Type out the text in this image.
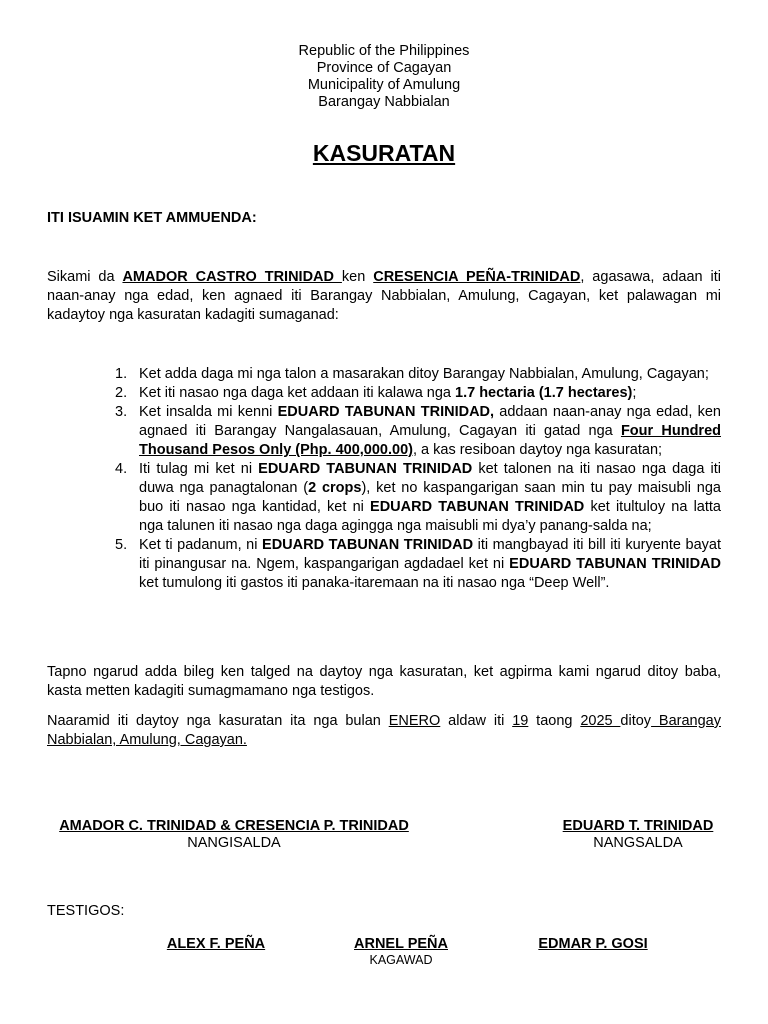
Republic of the Philippines
Province of Cagayan
Municipality of Amulung
Barangay Nabbialan
KASURATAN
ITI ISUAMIN KET AMMUENDA:
Sikami da AMADOR CASTRO TRINIDAD ken CRESENCIA PEÑA-TRINIDAD, agasawa, adaan iti naan-anay nga edad, ken agnaed iti Barangay Nabbialan, Amulung, Cagayan, ket palawagan mi kadaytoy nga kasuratan kadagiti sumaganad:
1. Ket adda daga mi nga talon a masarakan ditoy Barangay Nabbialan, Amulung, Cagayan;
2. Ket iti nasao nga daga ket addaan iti kalawa nga 1.7 hectaria (1.7 hectares);
3. Ket insalda mi kenni EDUARD TABUNAN TRINIDAD, addaan naan-anay nga edad, ken agnaed iti Barangay Nangalasauan, Amulung, Cagayan iti gatad nga Four Hundred Thousand Pesos Only (Php. 400,000.00), a kas resiboan daytoy nga kasuratan;
4. Iti tulag mi ket ni EDUARD TABUNAN TRINIDAD ket talonen na iti nasao nga daga iti duwa nga panagtalonan (2 crops), ket no kaspangarigan saan min tu pay maisubli nga buo iti nasao nga kantidad, ket ni EDUARD TABUNAN TRINIDAD ket itultuloy na latta nga talunen iti nasao nga daga agingga nga maisubli mi dya’y panang-salda na;
5. Ket ti padanum, ni EDUARD TABUNAN TRINIDAD iti mangbayad iti bill iti kuryente bayat iti pinangusar na. Ngem, kaspangarigan agdadael ket ni EDUARD TABUNAN TRINIDAD ket tumulong iti gastos iti panaka-itaremaan na iti nasao nga “Deep Well”.
Tapno ngarud adda bileg ken talged na daytoy nga kasuratan, ket agpirma kami ngarud ditoy baba, kasta metten kadagiti sumagmamano nga testigos.
Naaramid iti daytoy nga kasuratan ita nga bulan ENERO aldaw iti 19 taong 2025 ditoy Barangay Nabbialan, Amulung, Cagayan.
AMADOR C. TRINIDAD & CRESENCIA P. TRINIDAD
NANGISALDA
EDUARD T. TRINIDAD
NANGSALDA
TESTIGOS:
ALEX F. PEÑA	ARNEL PEÑA
KAGAWAD
EDMAR P. GOSI
